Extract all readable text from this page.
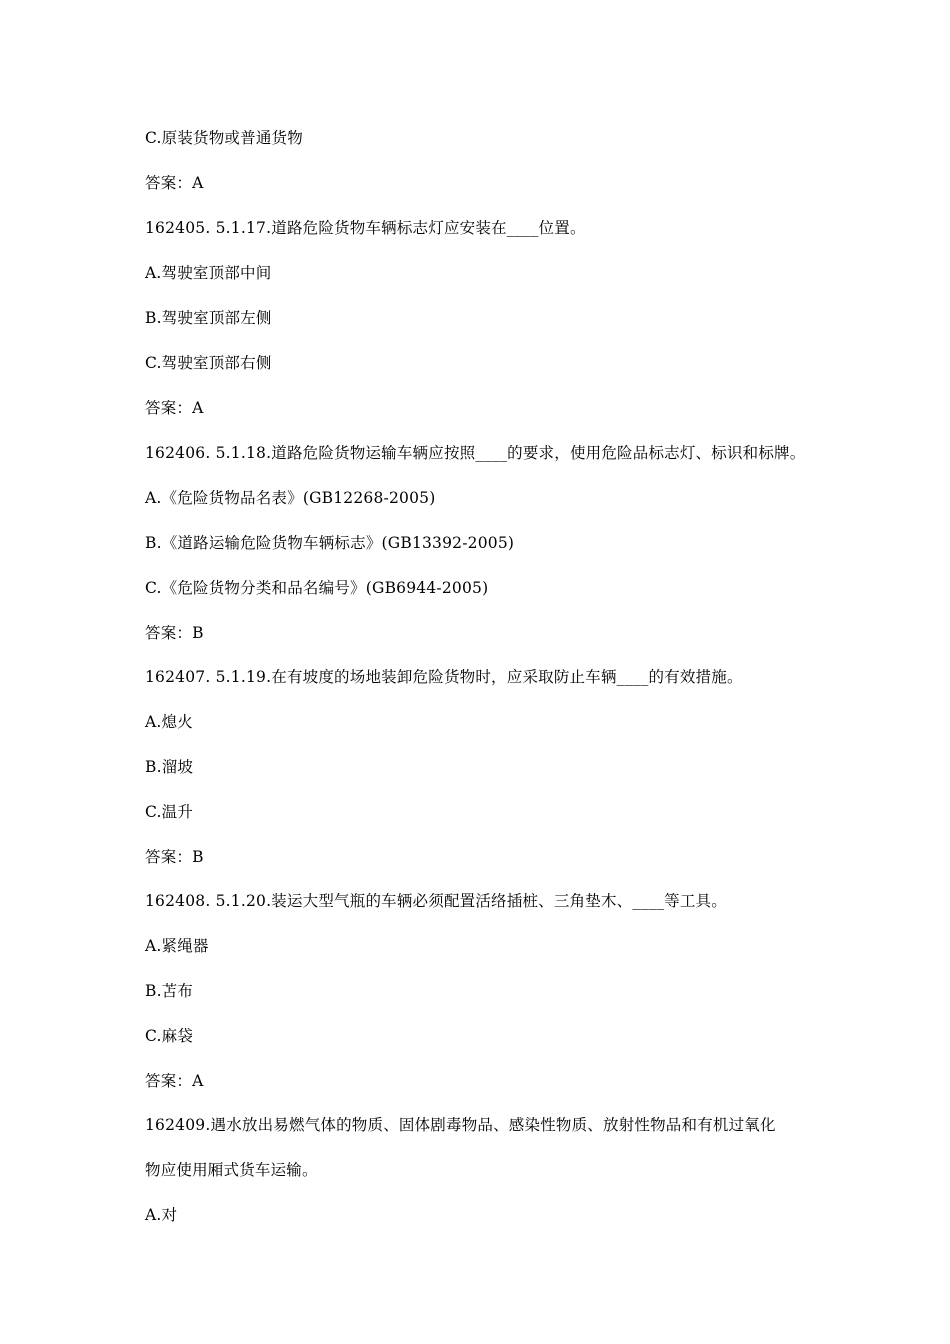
C.原装货物或普通货物
答案：A
162405. 5.1.17.道路危险货物车辆标志灯应安装在____位置。
A.驾驶室顶部中间
B.驾驶室顶部左侧
C.驾驶室顶部右侧
答案：A
162406. 5.1.18.道路危险货物运输车辆应按照____的要求，使用危险品标志灯、标识和标牌。
A.《危险货物品名表》(GB12268-2005)
B.《道路运输危险货物车辆标志》(GB13392-2005)
C.《危险货物分类和品名编号》(GB6944-2005)
答案：B
162407. 5.1.19.在有坡度的场地装卸危险货物时，应采取防止车辆____的有效措施。
A.熄火
B.溜坡
C.温升
答案：B
162408. 5.1.20.装运大型气瓶的车辆必须配置活络插桩、三角垫木、____等工具。
A.紧绳器
B.苫布
C.麻袋
答案：A
162409.遇水放出易燃气体的物质、固体剧毒物品、感染性物质、放射性物品和有机过氧化
物应使用厢式货车运输。
A.对
